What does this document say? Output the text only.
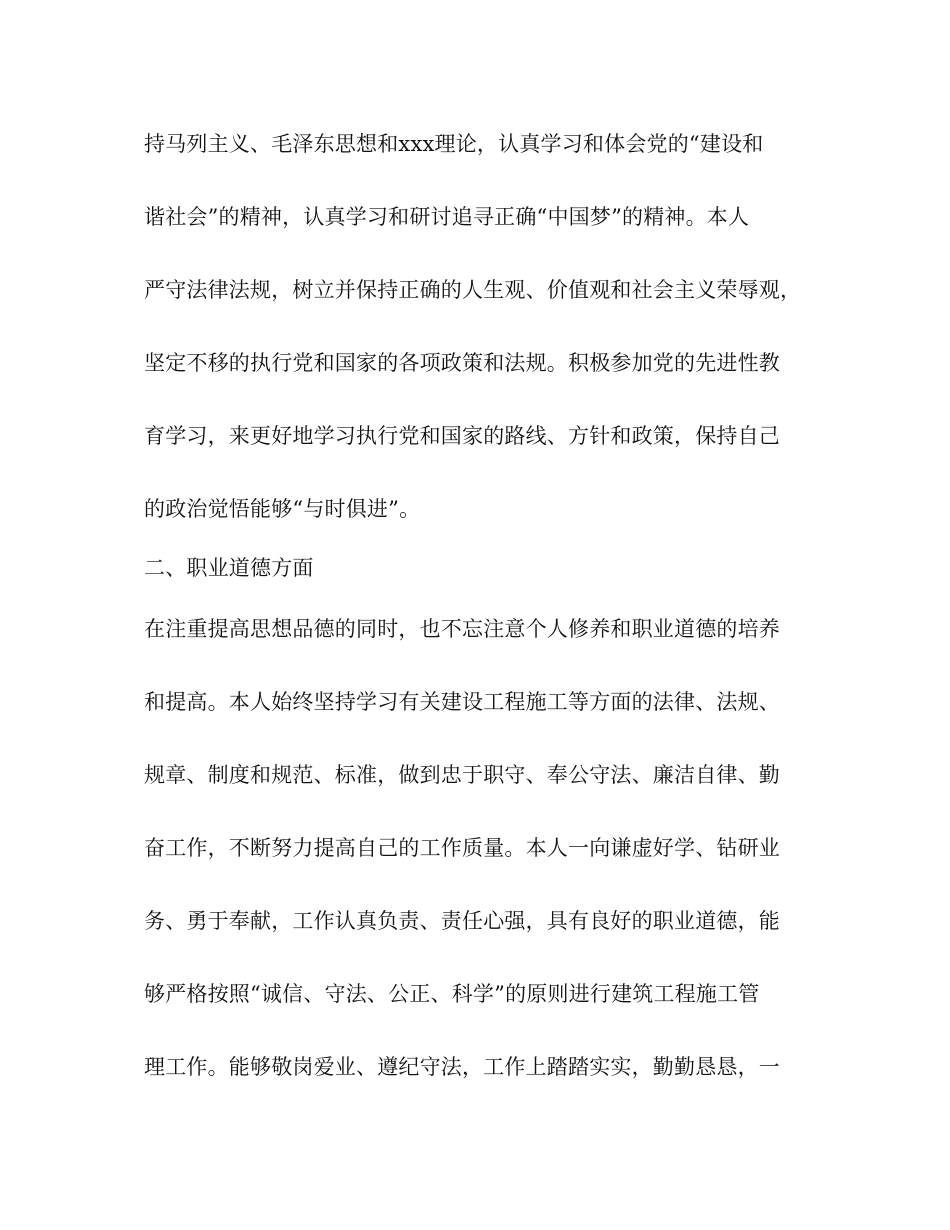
持马列主义、毛泽东思想和xxx理论，认真学习和体会党的“建设和
谐社会”的精神，认真学习和研讨追寻正确“中国梦”的精神。本人
严守法律法规，树立并保持正确的人生观、价值观和社会主义荣辱观，
坚定不移的执行党和国家的各项政策和法规。积极参加党的先进性教
育学习，来更好地学习执行党和国家的路线、方针和政策，保持自己
的政治觉悟能够“与时俱进”。
二、职业道德方面
在注重提高思想品德的同时，也不忘注意个人修养和职业道德的培养
和提高。本人始终坚持学习有关建设工程施工等方面的法律、法规、
规章、制度和规范、标准，做到忠于职守、奉公守法、廉洁自律、勤
奋工作，不断努力提高自己的工作质量。本人一向谦虚好学、钻研业
务、勇于奉献，工作认真负责、责任心强，具有良好的职业道德，能
够严格按照“诚信、守法、公正、科学”的原则进行建筑工程施工管
理工作。能够敬岗爱业、遵纪守法，工作上踏踏实实，勤勤恳恳，一
